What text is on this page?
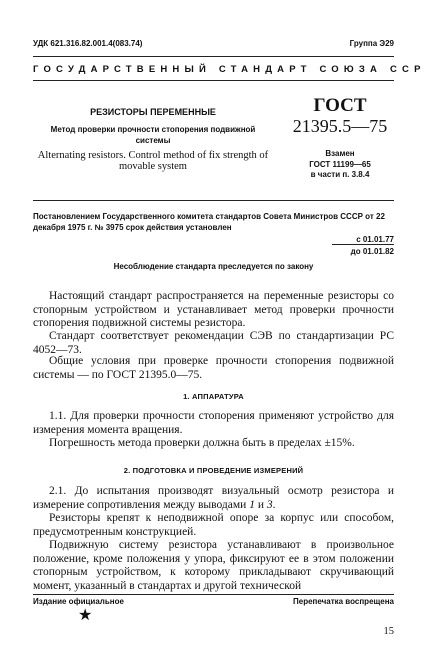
УДК 621.316.82.001.4(083.74)	Группа Э29
ГОСУДАРСТВЕННЫЙ СТАНДАРТ СОЮЗА ССР
РЕЗИСТОРЫ ПЕРЕМЕННЫЕ
Метод проверки прочности стопорения подвижной системы
Alternating resistors. Control method of fix strength of movable system
ГОСТ
21395.5—75
Взамен
ГОСТ 11199—65
в части п. 3.8.4
Постановлением Государственного комитета стандартов Совета Министров СССР от 22 декабря 1975 г. № 3975 срок действия установлен
с 01.01.77
до 01.01.82
Несоблюдение стандарта преследуется по закону

Настоящий стандарт распространяется на переменные резисторы со стопорным устройством и устанавливает метод проверки прочности стопорения подвижной системы резистора.

Стандарт соответствует рекомендации СЭВ по стандартизации РС 4052—73.

Общие условия при проверке прочности стопорения подвижной системы — по ГОСТ 21395.0—75.

1. АППАРАТУРА

1.1. Для проверки прочности стопорения применяют устройство для измерения момента вращения.

Погрешность метода проверки должна быть в пределах ±15%.

2. ПОДГОТОВКА И ПРОВЕДЕНИЕ ИЗМЕРЕНИЙ

2.1. До испытания производят визуальный осмотр резистора и измерение сопротивления между выводами 1 и 3.

Резисторы крепят к неподвижной опоре за корпус или способом, предусмотренным конструкцией.

Подвижную систему резистора устанавливают в произвольное положение, кроме положения у упора, фиксируют ее в этом положении стопорным устройством, к которому прикладывают скручивающий момент, указанный в стандартах и другой технической

Издание официальное	Перепечатка воспрещена
★
15
